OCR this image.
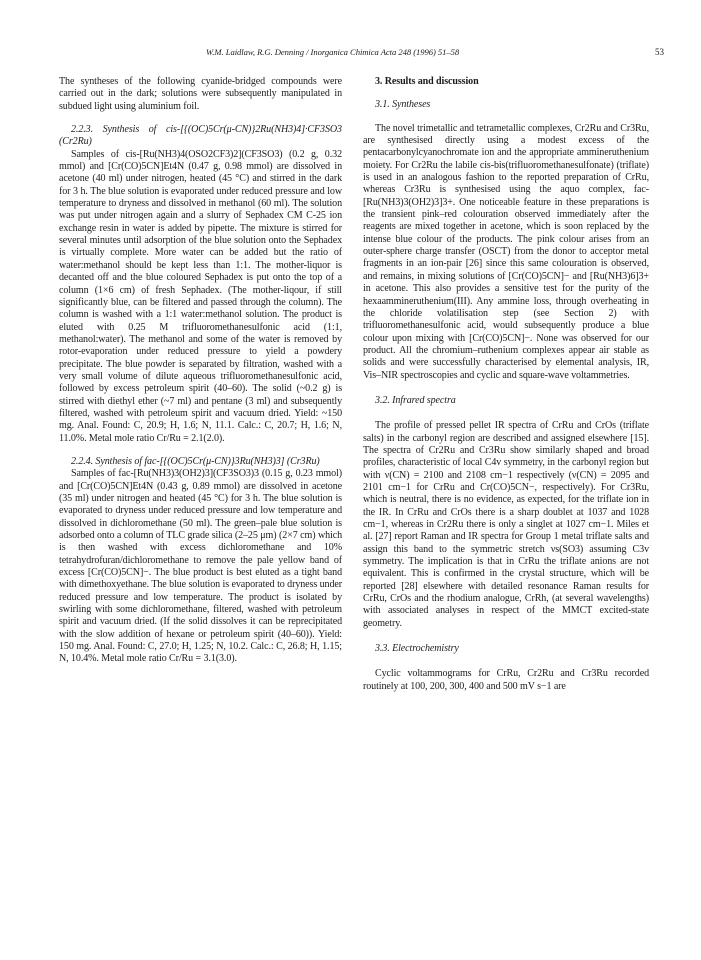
W.M. Laidlaw, R.G. Denning / Inorganica Chimica Acta 248 (1996) 51–58	53

The syntheses of the following cyanide-bridged compounds were carried out in the dark; solutions were subsequently manipulated in subdued light using aluminium foil.

2.2.3. Synthesis of cis-[{(OC)5Cr(μ-CN)}2Ru(NH3)4]·CF3SO3 (Cr2Ru)

Samples of cis-[Ru(NH3)4(OSO2CF3)2](CF3SO3) (0.2 g, 0.32 mmol) and [Cr(CO)5CN]Et4N (0.47 g, 0.98 mmol) are dissolved in acetone (40 ml) under nitrogen, heated (45 °C) and stirred in the dark for 3 h. The blue solution is evaporated under reduced pressure and low temperature to dryness and dissolved in methanol (60 ml). The solution was put under nitrogen again and a slurry of Sephadex CM C-25 ion exchange resin in water is added by pipette. The mixture is stirred for several minutes until adsorption of the blue solution onto the Sephadex is virtually complete. More water can be added but the ratio of water:methanol should be kept less than 1:1. The mother-liquor is decanted off and the blue coloured Sephadex is put onto the top of a column (1×6 cm) of fresh Sephadex. (The mother-liqour, if still significantly blue, can be filtered and passed through the column). The column is washed with a 1:1 water:methanol solution. The product is eluted with 0.25 M trifluoromethanesulfonic acid (1:1, methanol:water). The methanol and some of the water is removed by rotor-evaporation under reduced pressure to yield a powdery precipitate. The blue powder is separated by filtration, washed with a very small volume of dilute aqueous trifluoromethanesulfonic acid, followed by excess petroleum spirit (40–60). The solid (~0.2 g) is stirred with diethyl ether (~7 ml) and pentane (3 ml) and subsequently filtered, washed with petroleum spirit and vacuum dried. Yield: ~150 mg. Anal. Found: C, 20.9; H, 1.6; N, 11.1. Calc.: C, 20.7; H, 1.6; N, 11.0%. Metal mole ratio Cr/Ru = 2.1(2.0).

2.2.4. Synthesis of fac-[{(OC)5Cr(μ-CN)}3Ru(NH3)3] (Cr3Ru)

Samples of fac-[Ru(NH3)3(OH2)3](CF3SO3)3 (0.15 g, 0.23 mmol) and [Cr(CO)5CN]Et4N (0.43 g, 0.89 mmol) are dissolved in acetone (35 ml) under nitrogen and heated (45 °C) for 3 h. The blue solution is evaporated to dryness under reduced pressure and low temperature and dissolved in dichloromethane (50 ml). The green–pale blue solution is adsorbed onto a column of TLC grade silica (2–25 μm) (2×7 cm) which is then washed with excess dichloromethane and 10% tetrahydrofuran/dichloromethane to remove the pale yellow band of excess [Cr(CO)5CN]−. The blue product is best eluted as a tight band with dimethoxyethane. The blue solution is evaporated to dryness under reduced pressure and low temperature. The product is isolated by swirling with some dichloromethane, filtered, washed with petroleum spirit and vacuum dried. (If the solid dissolves it can be reprecipitated with the slow addition of hexane or petroleum spirit (40–60)). Yield: 150 mg. Anal. Found: C, 27.0; H, 1.25; N, 10.2. Calc.: C, 26.8; H, 1.15; N, 10.4%. Metal mole ratio Cr/Ru = 3.1(3.0).

3. Results and discussion

3.1. Syntheses

The novel trimetallic and tetrametallic complexes, Cr2Ru and Cr3Ru, are synthesised directly using a modest excess of the pentacarbonylcyanochromate ion and the appropriate ammineruthenium moiety. For Cr2Ru the labile cis-bis(trifluoromethanesulfonate) (triflate) is used in an analogous fashion to the reported preparation of CrRu, whereas Cr3Ru is synthesised using the aquo complex, fac-[Ru(NH3)3(OH2)3]3+. One noticeable feature in these preparations is the transient pink–red colouration observed immediately after the reagents are mixed together in acetone, which is soon replaced by the intense blue colour of the products. The pink colour arises from an outer-sphere charge transfer (OSCT) from the donor to acceptor metal fragments in an ion-pair [26] since this same colouration is observed, and remains, in mixing solutions of [Cr(CO)5CN]− and [Ru(NH3)6]3+ in acetone. This also provides a sensitive test for the purity of the hexaammineruthenium(III). Any ammine loss, through overheating in the chloride volatilisation step (see Section 2) with trifluoromethanesulfonic acid, would subsequently produce a blue colour upon mixing with [Cr(CO)5CN]−. None was observed for our product. All the chromium–ruthenium complexes appear air stable as solids and were successfully characterised by elemental analysis, IR, Vis–NIR spectroscopies and cyclic and square-wave voltammetries.

3.2. Infrared spectra

The profile of pressed pellet IR spectra of CrRu and CrOs (triflate salts) in the carbonyl region are described and assigned elsewhere [15]. The spectra of Cr2Ru and Cr3Ru show similarly shaped and broad profiles, characteristic of local C4v symmetry, in the carbonyl region but with ν(CN) = 2100 and 2108 cm−1 respectively (ν(CN) = 2095 and 2101 cm−1 for CrRu and Cr(CO)5CN−, respectively). For Cr3Ru, which is neutral, there is no evidence, as expected, for the triflate ion in the IR. In CrRu and CrOs there is a sharp doublet at 1037 and 1028 cm−1, whereas in Cr2Ru there is only a singlet at 1027 cm−1. Miles et al. [27] report Raman and IR spectra for Group 1 metal triflate salts and assign this band to the symmetric stretch νs(SO3) assuming C3v symmetry. The implication is that in CrRu the triflate anions are not equivalent. This is confirmed in the crystal structure, which will be reported [28] elsewhere with detailed resonance Raman results for CrRu, CrOs and the rhodium analogue, CrRh, (at several wavelengths) with associated analyses in respect of the MMCT excited-state geometry.

3.3. Electrochemistry

Cyclic voltammograms for CrRu, Cr2Ru and Cr3Ru recorded routinely at 100, 200, 300, 400 and 500 mV s−1 are
